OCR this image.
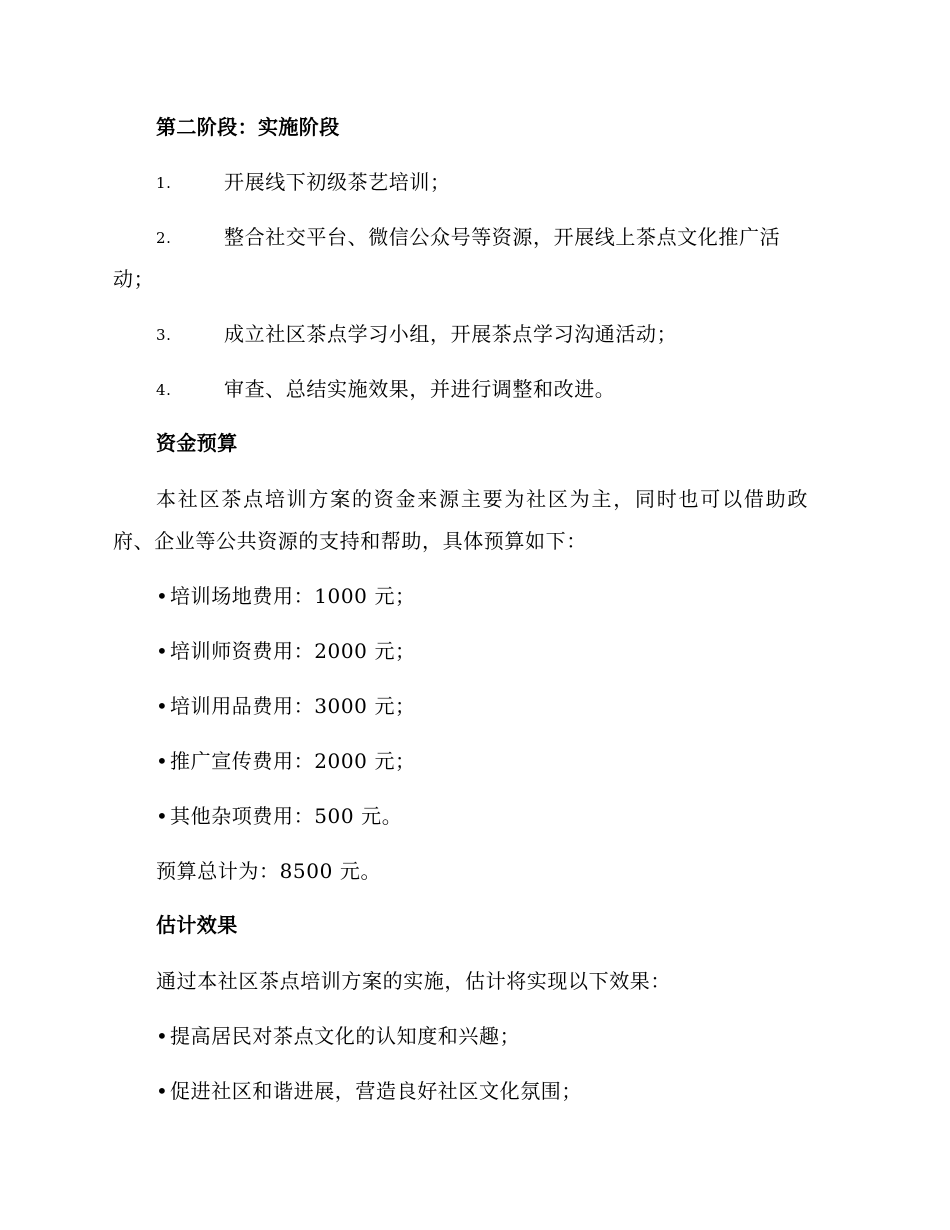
第二阶段：实施阶段
1.	开展线下初级茶艺培训；
2.	整合社交平台、微信公众号等资源，开展线上茶点文化推广活
动；
3.	成立社区茶点学习小组，开展茶点学习沟通活动；
4.	审查、总结实施效果，并进行调整和改进。
资金预算
本社区茶点培训方案的资金来源主要为社区为主，同时也可以借助政
府、企业等公共资源的支持和帮助，具体预算如下：
•培训场地费用：1000 元；
•培训师资费用：2000 元；
•培训用品费用：3000 元；
•推广宣传费用：2000 元；
•其他杂项费用：500 元。
预算总计为：8500 元。
估计效果
通过本社区茶点培训方案的实施，估计将实现以下效果：
•提高居民对茶点文化的认知度和兴趣；
•促进社区和谐进展，营造良好社区文化氛围；
